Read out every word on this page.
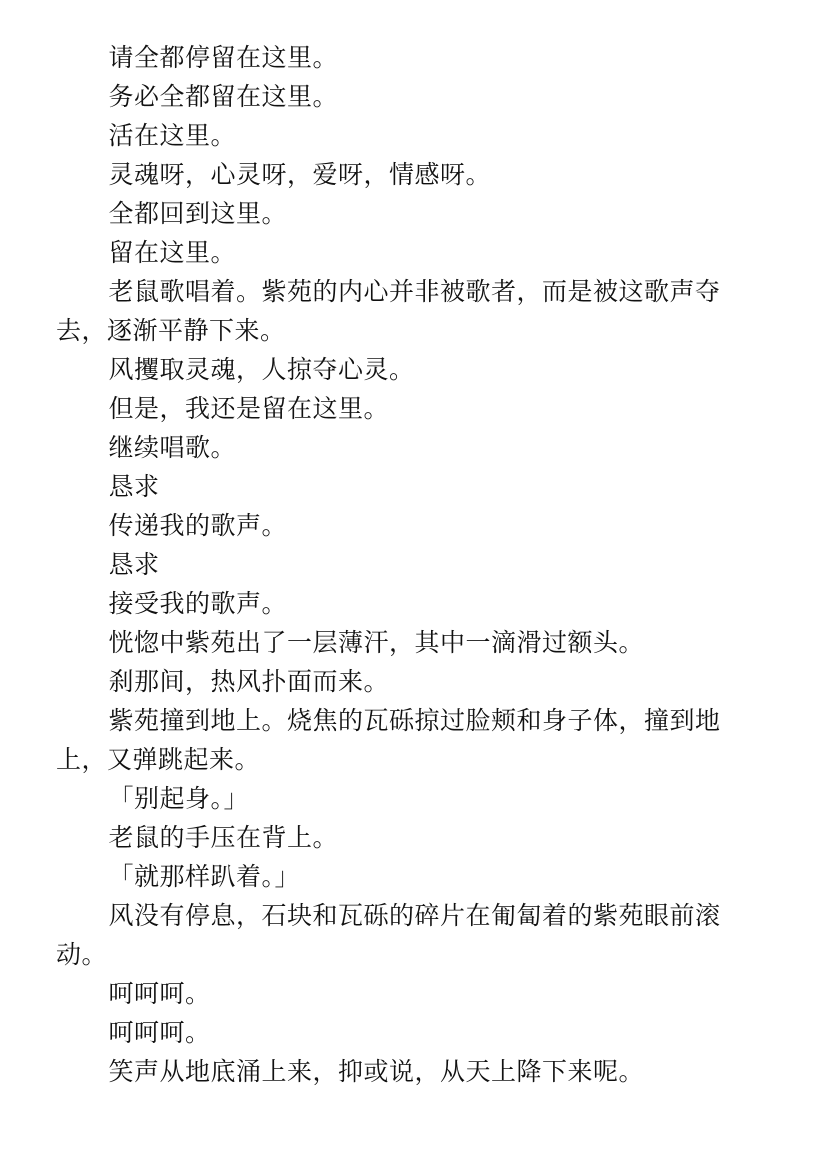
请全都停留在这里。

务必全都留在这里。

活在这里。

灵魂呀，心灵呀，爱呀，情感呀。

全都回到这里。

留在这里。

老鼠歌唱着。紫苑的内心并非被歌者，而是被这歌声夺去，逐渐平静下来。

风攫取灵魂，人掠夺心灵。

但是，我还是留在这里。

继续唱歌。

恳求

传递我的歌声。

恳求

接受我的歌声。

恍惚中紫苑出了一层薄汗，其中一滴滑过额头。

刹那间，热风扑面而来。

紫苑撞到地上。烧焦的瓦砾掠过脸颊和身子体，撞到地上，又弹跳起来。

「别起身。」

老鼠的手压在背上。

「就那样趴着。」

风没有停息，石块和瓦砾的碎片在匍匐着的紫苑眼前滚动。

呵呵呵。

呵呵呵。

笑声从地底涌上来，抑或说，从天上降下来呢。
